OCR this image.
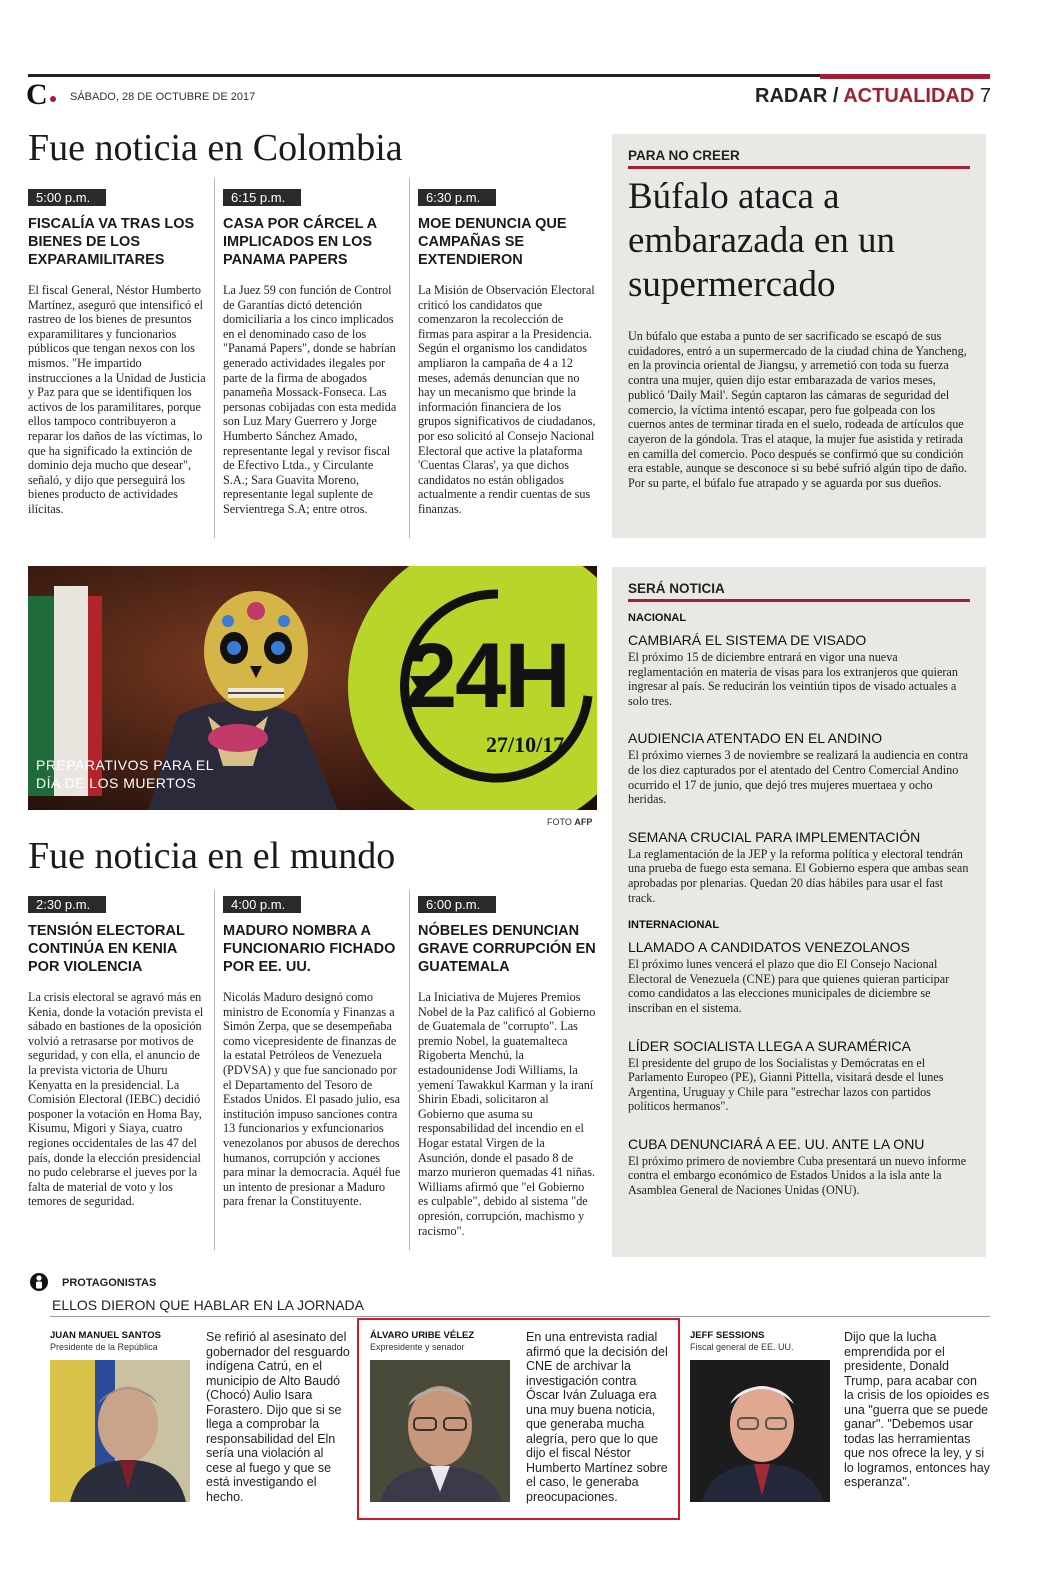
C SÁBADO, 28 DE OCTUBRE DE 2017	RADAR / ACTUALIDAD 7
Fue noticia en Colombia
5:00 p.m.
FISCALÍA VA TRAS LOS BIENES DE LOS EXPARAMILITARES

El fiscal General, Néstor Humberto Martínez, aseguró que intensificó el rastreo de los bienes de presuntos exparamilitares y funcionarios públicos que tengan nexos con los mismos. "He impartido instrucciones a la Unidad de Justicia y Paz para que se identifiquen los activos de los paramilitares, porque ellos tampoco contribuyeron a reparar los daños de las víctimas, lo que ha significado la extinción de dominio deja mucho que desear", señaló, y dijo que perseguirá los bienes producto de actividades ilícitas.

6:15 p.m.
CASA POR CÁRCEL A IMPLICADOS EN LOS PANAMA PAPERS

La Juez 59 con función de Control de Garantías dictó detención domiciliaria a los cinco implicados en el denominado caso de los "Panamá Papers", donde se habrían generado actividades ilegales por parte de la firma de abogados panameña Mossack-Fonseca. Las personas cobijadas con esta medida son Luz Mary Guerrero y Jorge Humberto Sánchez Amado, representante legal y revisor fiscal de Efectivo Ltda., y Circulante S.A.; Sara Guavita Moreno, representante legal suplente de Servientrega S.A; entre otros.

6:30 p.m.
MOE DENUNCIA QUE CAMPAÑAS SE EXTENDIERON

La Misión de Observación Electoral criticó los candidatos que comenzaron la recolección de firmas para aspirar a la Presidencia. Según el organismo los candidatos ampliaron la campaña de 4 a 12 meses, además denuncian que no hay un mecanismo que brinde la información financiera de los grupos significativos de ciudadanos, por eso solicitó al Consejo Nacional Electoral que active la plataforma 'Cuentas Claras', ya que dichos candidatos no están obligados actualmente a rendir cuentas de sus finanzas.

PARA NO CREER
Búfalo ataca a embarazada en un supermercado
Un búfalo que estaba a punto de ser sacrificado se escapó de sus cuidadores, entró a un supermercado de la ciudad china de Yancheng, en la provincia oriental de Jiangsu, y arremetió con toda su fuerza contra una mujer, quien dijo estar embarazada de varios meses, publicó 'Daily Mail'. Según captaron las cámaras de seguridad del comercio, la víctima intentó escapar, pero fue golpeada con los cuernos antes de terminar tirada en el suelo, rodeada de artículos que cayeron de la góndola. Tras el ataque, la mujer fue asistida y retirada en camilla del comercio. Poco después se confirmó que su condición era estable, aunque se desconoce si su bebé sufrió algún tipo de daño. Por su parte, el búfalo fue atrapado y se aguarda por sus dueños.
24H
27/10/17
PREPARATIVOS PARA EL
DÍA DE LOS MUERTOS
FOTO AFP
SERÁ NOTICIA
NACIONAL
CAMBIARÁ EL SISTEMA DE VISADO

El próximo 15 de diciembre entrará en vigor una nueva reglamentación en materia de visas para los extranjeros que quieran ingresar al país. Se reducirán los veintiún tipos de visado actuales a solo tres.

AUDIENCIA ATENTADO EN EL ANDINO

El próximo viernes 3 de noviembre se realizará la audiencia en contra de los diez capturados por el atentado del Centro Comercial Andino ocurrido el 17 de junio, que dejó tres mujeres muertaea y ocho heridas.

SEMANA CRUCIAL PARA IMPLEMENTACIÓN

La reglamentación de la JEP y la reforma política y electoral tendrán una prueba de fuego esta semana. El Gobierno espera que ambas sean aprobadas por plenarias. Quedan 20 días hábiles para usar el fast track.

INTERNACIONAL
LLAMADO A CANDIDATOS VENEZOLANOS

El próximo lunes vencerá el plazo que dio El Consejo Nacional Electoral de Venezuela (CNE) para que quienes quieran participar como candidatos a las elecciones municipales de diciembre se inscriban en el sistema.

LÍDER SOCIALISTA LLEGA A SURAMÉRICA

El presidente del grupo de los Socialistas y Demócratas en el Parlamento Europeo (PE), Gianni Pittella, visitará desde el lunes Argentina, Uruguay y Chile para "estrechar lazos con partidos políticos hermanos".

CUBA DENUNCIARÁ A EE. UU. ANTE LA ONU

El próximo primero de noviembre Cuba presentará un nuevo informe contra el embargo económico de Estados Unidos a la isla ante la Asamblea General de Naciones Unidas (ONU).

Fue noticia en el mundo
2:30 p.m.
TENSIÓN ELECTORAL CONTINÚA EN KENIA POR VIOLENCIA

La crisis electoral se agravó más en Kenia, donde la votación prevista el sábado en bastiones de la oposición volvió a retrasarse por motivos de seguridad, y con ella, el anuncio de la prevista victoria de Uhuru Kenyatta en la presidencial. La Comisión Electoral (IEBC) decidió posponer la votación en Homa Bay, Kisumu, Migori y Siaya, cuatro regiones occidentales de las 47 del país, donde la elección presidencial no pudo celebrarse el jueves por la falta de material de voto y los temores de seguridad.

4:00 p.m.
MADURO NOMBRA A FUNCIONARIO FICHADO POR EE. UU.

Nicolás Maduro designó como ministro de Economía y Finanzas a Simón Zerpa, que se desempeñaba como vicepresidente de finanzas de la estatal Petróleos de Venezuela (PDVSA) y que fue sancionado por el Departamento del Tesoro de Estados Unidos. El pasado julio, esa institución impuso sanciones contra 13 funcionarios y exfuncionarios venezolanos por abusos de derechos humanos, corrupción y acciones para minar la democracia. Aquél fue un intento de presionar a Maduro para frenar la Constituyente.

6:00 p.m.
NÓBELES DENUNCIAN GRAVE CORRUPCIÓN EN GUATEMALA

La Iniciativa de Mujeres Premios Nobel de la Paz calificó al Gobierno de Guatemala de "corrupto". Las premio Nobel, la guatemalteca Rigoberta Menchú, la estadounidense Jodi Williams, la yemení Tawakkul Karman y la iraní Shirin Ebadi, solicitaron al Gobierno que asuma su responsabilidad del incendio en el Hogar estatal Virgen de la Asunción, donde el pasado 8 de marzo murieron quemadas 41 niñas. Williams afirmó que "el Gobierno es culpable", debido al sistema "de opresión, corrupción, machismo y racismo".

PROTAGONISTAS
ELLOS DIERON QUE HABLAR EN LA JORNADA
JUAN MANUEL SANTOS
Presidente de la República
Se refirió al asesinato del gobernador del resguardo indígena Catrú, en el municipio de Alto Baudó (Chocó) Aulio Isara Forastero. Dijo que si se llega a comprobar la responsabilidad del Eln sería una violación al cese al fuego y que se está investigando el hecho.
ÁLVARO URIBE VÉLEZ
Expresidente y senador
En una entrevista radial afirmó que la decisión del CNE de archivar la investigación contra Óscar Iván Zuluaga era una muy buena noticia, que generaba mucha alegría, pero que lo que dijo el fiscal Néstor Humberto Martínez sobre el caso, le generaba preocupaciones.
JEFF SESSIONS
Fiscal general de EE. UU.
Dijo que la lucha emprendida por el presidente, Donald Trump, para acabar con la crisis de los opioides es una "guerra que se puede ganar". "Debemos usar todas las herramientas que nos ofrece la ley, y si lo logramos, entonces hay esperanza".
